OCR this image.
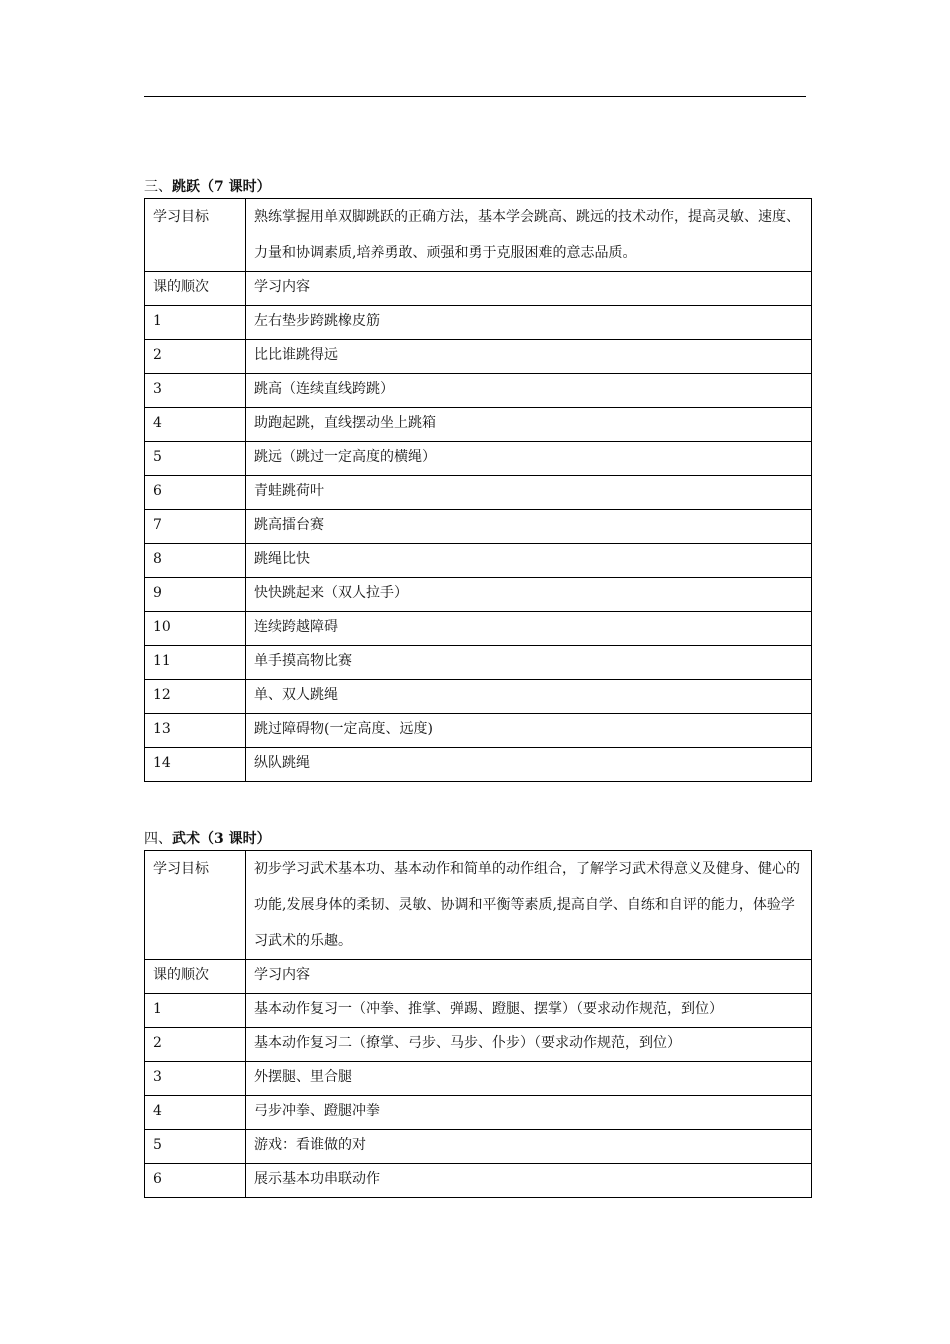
三、跳跃（7 课时）
学习目标	熟练掌握用单双脚跳跃的正确方法，基本学会跳高、跳远的技术动作，提高灵敏、速度、力量和协调素质,培养勇敢、顽强和勇于克服困难的意志品质。
课的顺次	学习内容
1	左右垫步跨跳橡皮筋
2	比比谁跳得远
3	跳高（连续直线跨跳）
4	助跑起跳，直线摆动坐上跳箱
5	跳远（跳过一定高度的横绳）
6	青蛙跳荷叶
7	跳高擂台赛
8	跳绳比快
9	快快跳起来（双人拉手）
10	连续跨越障碍
11	单手摸高物比赛
12	单、双人跳绳
13	跳过障碍物(一定高度、远度)
14	纵队跳绳
四、武术（3 课时）
学习目标	初步学习武术基本功、基本动作和简单的动作组合，了解学习武术得意义及健身、健心的功能,发展身体的柔韧、灵敏、协调和平衡等素质,提高自学、自练和自评的能力，体验学习武术的乐趣。
课的顺次	学习内容
1	基本动作复习一（冲拳、推掌、弹踢、蹬腿、摆掌）（要求动作规范，到位）
2	基本动作复习二（撩掌、弓步、马步、仆步）（要求动作规范，到位）
3	外摆腿、里合腿
4	弓步冲拳、蹬腿冲拳
5	游戏：看谁做的对
6	展示基本功串联动作
